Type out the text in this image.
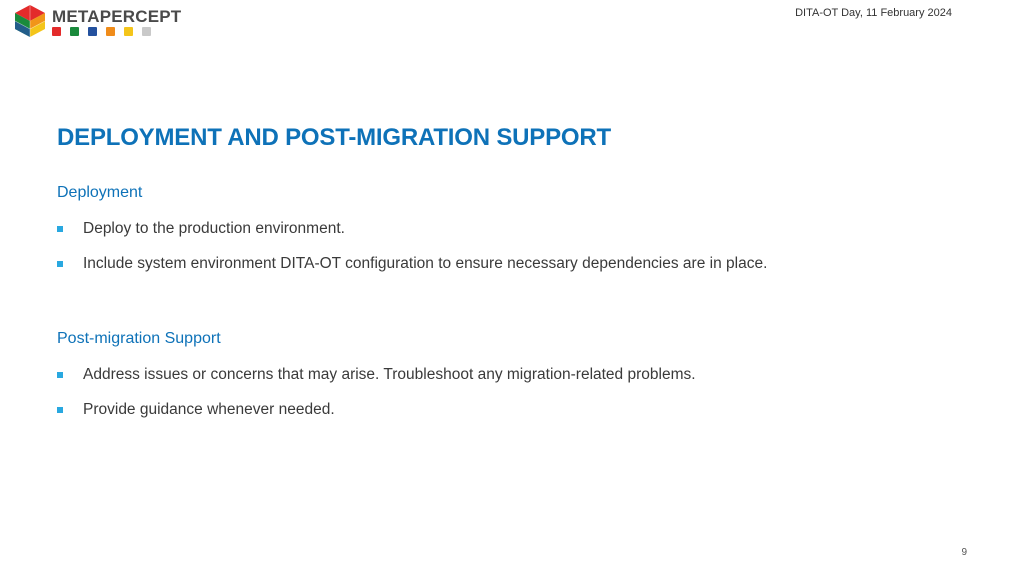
METAPERCEPT	DITA-OT Day, 11 February 2024
DEPLOYMENT AND POST-MIGRATION SUPPORT
Deployment
Deploy to the production environment.
Include system environment DITA-OT configuration to ensure necessary dependencies are in place.
Post-migration Support
Address issues or concerns that may arise. Troubleshoot any migration-related problems.
Provide guidance whenever needed.
9
